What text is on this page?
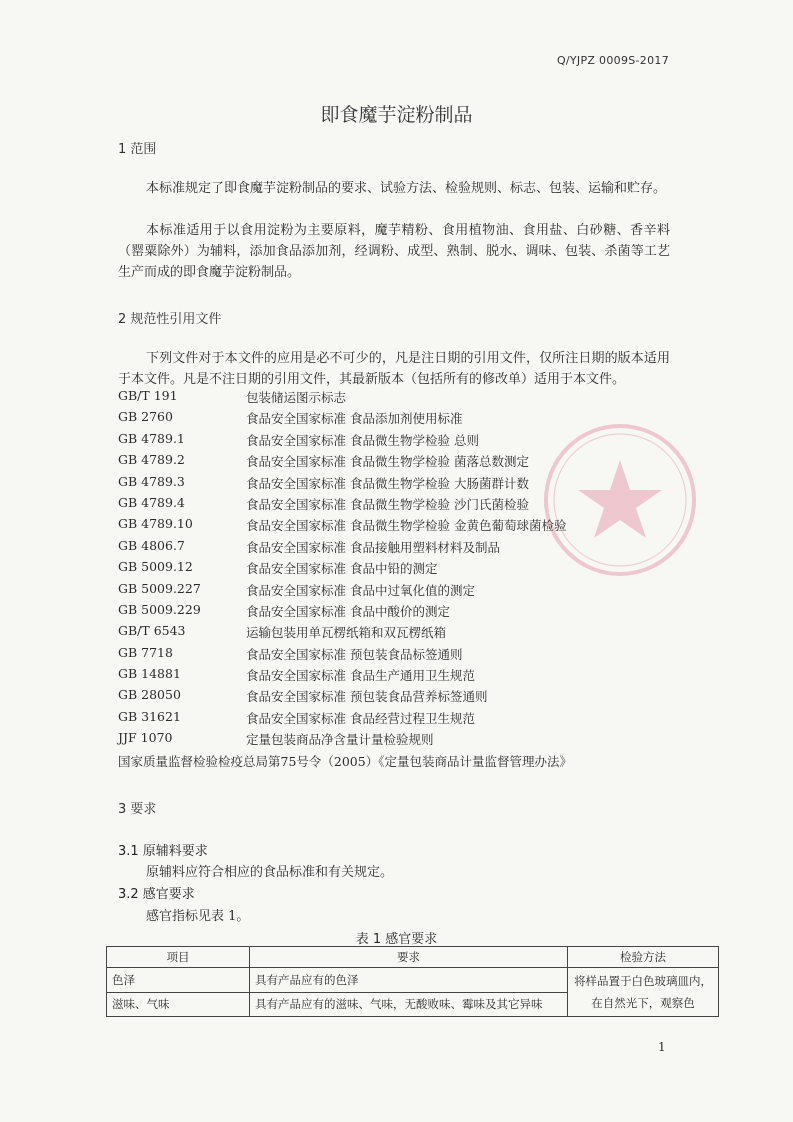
Q/YJPZ 0009S-2017
即食魔芋淀粉制品
1 范围
本标准规定了即食魔芋淀粉制品的要求、试验方法、检验规则、标志、包装、运输和贮存。
本标准适用于以食用淀粉为主要原料，魔芋精粉、食用植物油、食用盐、白砂糖、香辛料（罂粟除外）为辅料，添加食品添加剂，经调粉、成型、熟制、脱水、调味、包装、杀菌等工艺生产而成的即食魔芋淀粉制品。
2 规范性引用文件
下列文件对于本文件的应用是必不可少的，凡是注日期的引用文件，仅所注日期的版本适用于本文件。凡是不注日期的引用文件，其最新版本（包括所有的修改单）适用于本文件。
GB/T 191	包装储运图示标志
GB 2760	食品安全国家标准 食品添加剂使用标准
GB 4789.1	食品安全国家标准 食品微生物学检验 总则
GB 4789.2	食品安全国家标准 食品微生物学检验 菌落总数测定
GB 4789.3	食品安全国家标准 食品微生物学检验 大肠菌群计数
GB 4789.4	食品安全国家标准 食品微生物学检验 沙门氏菌检验
GB 4789.10	食品安全国家标准 食品微生物学检验 金黄色葡萄球菌检验
GB 4806.7	食品安全国家标准 食品接触用塑料材料及制品
GB 5009.12	食品安全国家标准 食品中铅的测定
GB 5009.227	食品安全国家标准 食品中过氧化值的测定
GB 5009.229	食品安全国家标准 食品中酸价的测定
GB/T 6543	运输包装用单瓦楞纸箱和双瓦楞纸箱
GB 7718	食品安全国家标准 预包装食品标签通则
GB 14881	食品安全国家标准 食品生产通用卫生规范
GB 28050	食品安全国家标准 预包装食品营养标签通则
GB 31621	食品安全国家标准 食品经营过程卫生规范
JJF 1070	定量包装商品净含量计量检验规则
国家质量监督检验检疫总局第75号令（2005）《定量包装商品计量监督管理办法》
3 要求
3.1 原辅料要求
原辅料应符合相应的食品标准和有关规定。
3.2 感官要求
感官指标见表 1。
表 1 感官要求
项目	要求	检验方法
色泽	具有产品应有的色泽	将样品置于白色玻璃皿内，在自然光下，观察色
滋味、气味	具有产品应有的滋味、气味，无酸败味、霉味及其它异味	
1
